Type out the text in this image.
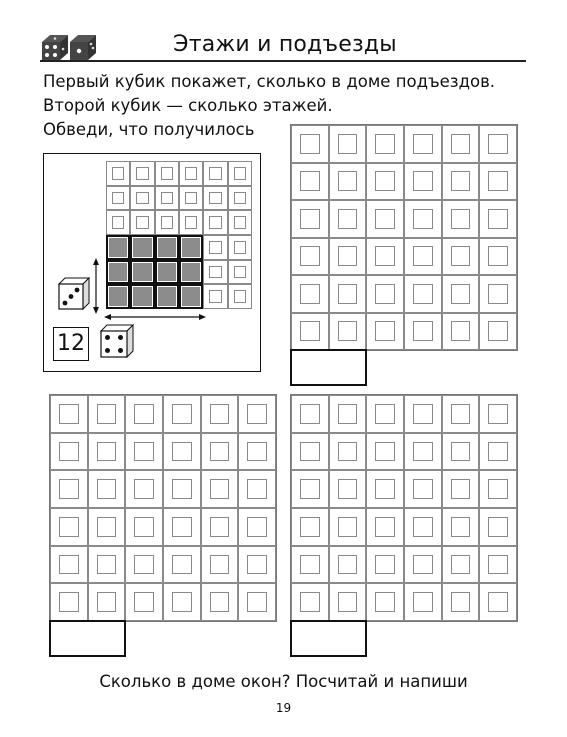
Этажи и подъезды
Первый кубик покажет, сколько в доме подъездов.
Второй кубик — сколько этажей.
Обведи, что получилось
12
Сколько в доме окон? Посчитай и напиши
19
